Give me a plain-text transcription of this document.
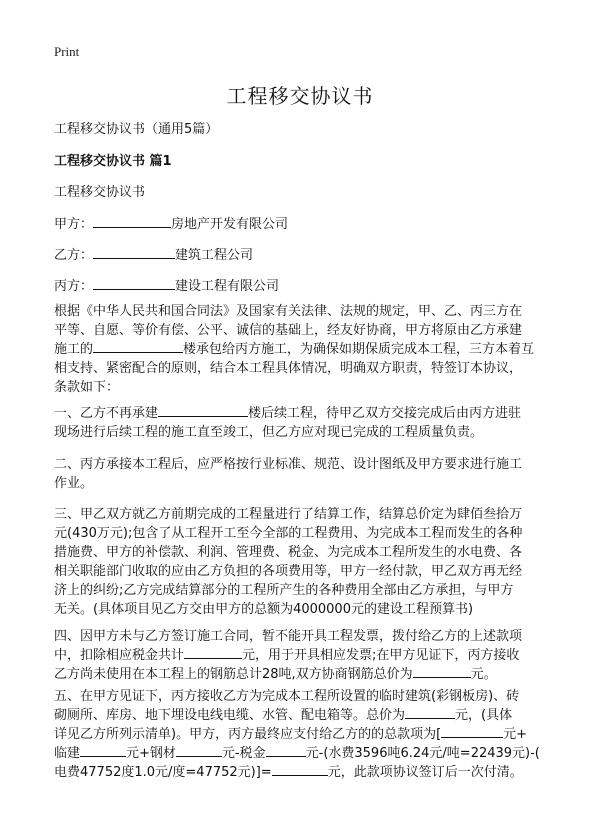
Print
工程移交协议书
工程移交协议书（通用5篇）
工程移交协议书 篇1
工程移交协议书
甲方：	房地产开发有限公司
乙方：	建筑工程公司
丙方：	建设工程有限公司
根据《中华人民共和国合同法》及国家有关法律、法规的规定，甲、乙、丙三方在
平等、自愿、等价有偿、公平、诚信的基础上，经友好协商，甲方将原由乙方承建
施工的	楼承包给丙方施工，为确保如期保质完成本工程，三方本着互
相支持、紧密配合的原则，结合本工程具体情况，明确双方职责，特签订本协议，
条款如下：
一、乙方不再承建	楼后续工程，待甲乙双方交接完成后由丙方进驻
现场进行后续工程的施工直至竣工，但乙方应对现已完成的工程质量负责。
二、丙方承接本工程后，应严格按行业标准、规范、设计图纸及甲方要求进行施工
作业。
三、甲乙双方就乙方前期完成的工程量进行了结算工作，结算总价定为肆佰叁拾万
元(430万元);包含了从工程开工至今全部的工程费用、为完成本工程而发生的各种
措施费、甲方的补偿款、利润、管理费、税金、为完成本工程所发生的水电费、各
相关职能部门收取的应由乙方负担的各项费用等，甲方一经付款，甲乙双方再无经
济上的纠纷;乙方完成结算部分的工程所产生的各种费用全部由乙方承担，与甲方
无关。(具体项目见乙方交由甲方的总额为4000000元的建设工程预算书)
四、因甲方未与乙方签订施工合同，暂不能开具工程发票，拨付给乙方的上述款项
中，扣除相应税金共计	元，用于开具相应发票;在甲方见证下，丙方接收
乙方尚未使用在本工程上的钢筋总计28吨,双方协商钢筋总价为	元。
五、在甲方见证下，丙方接收乙方为完成本工程所设置的临时建筑(彩钢板房)、砖
砌厕所、库房、地下埋设电线电缆、水管、配电箱等。总价为	元，(具体
详见乙方所列示清单)。甲方，丙方最终应支付给乙方的的总款项为[	元+
临建	元+钢材	元-税金	元-(水费3596吨6.24元/吨=22439元)-(
电费47752度1.0元/度=47752元)]=	元，此款项协议签订后一次付清。
